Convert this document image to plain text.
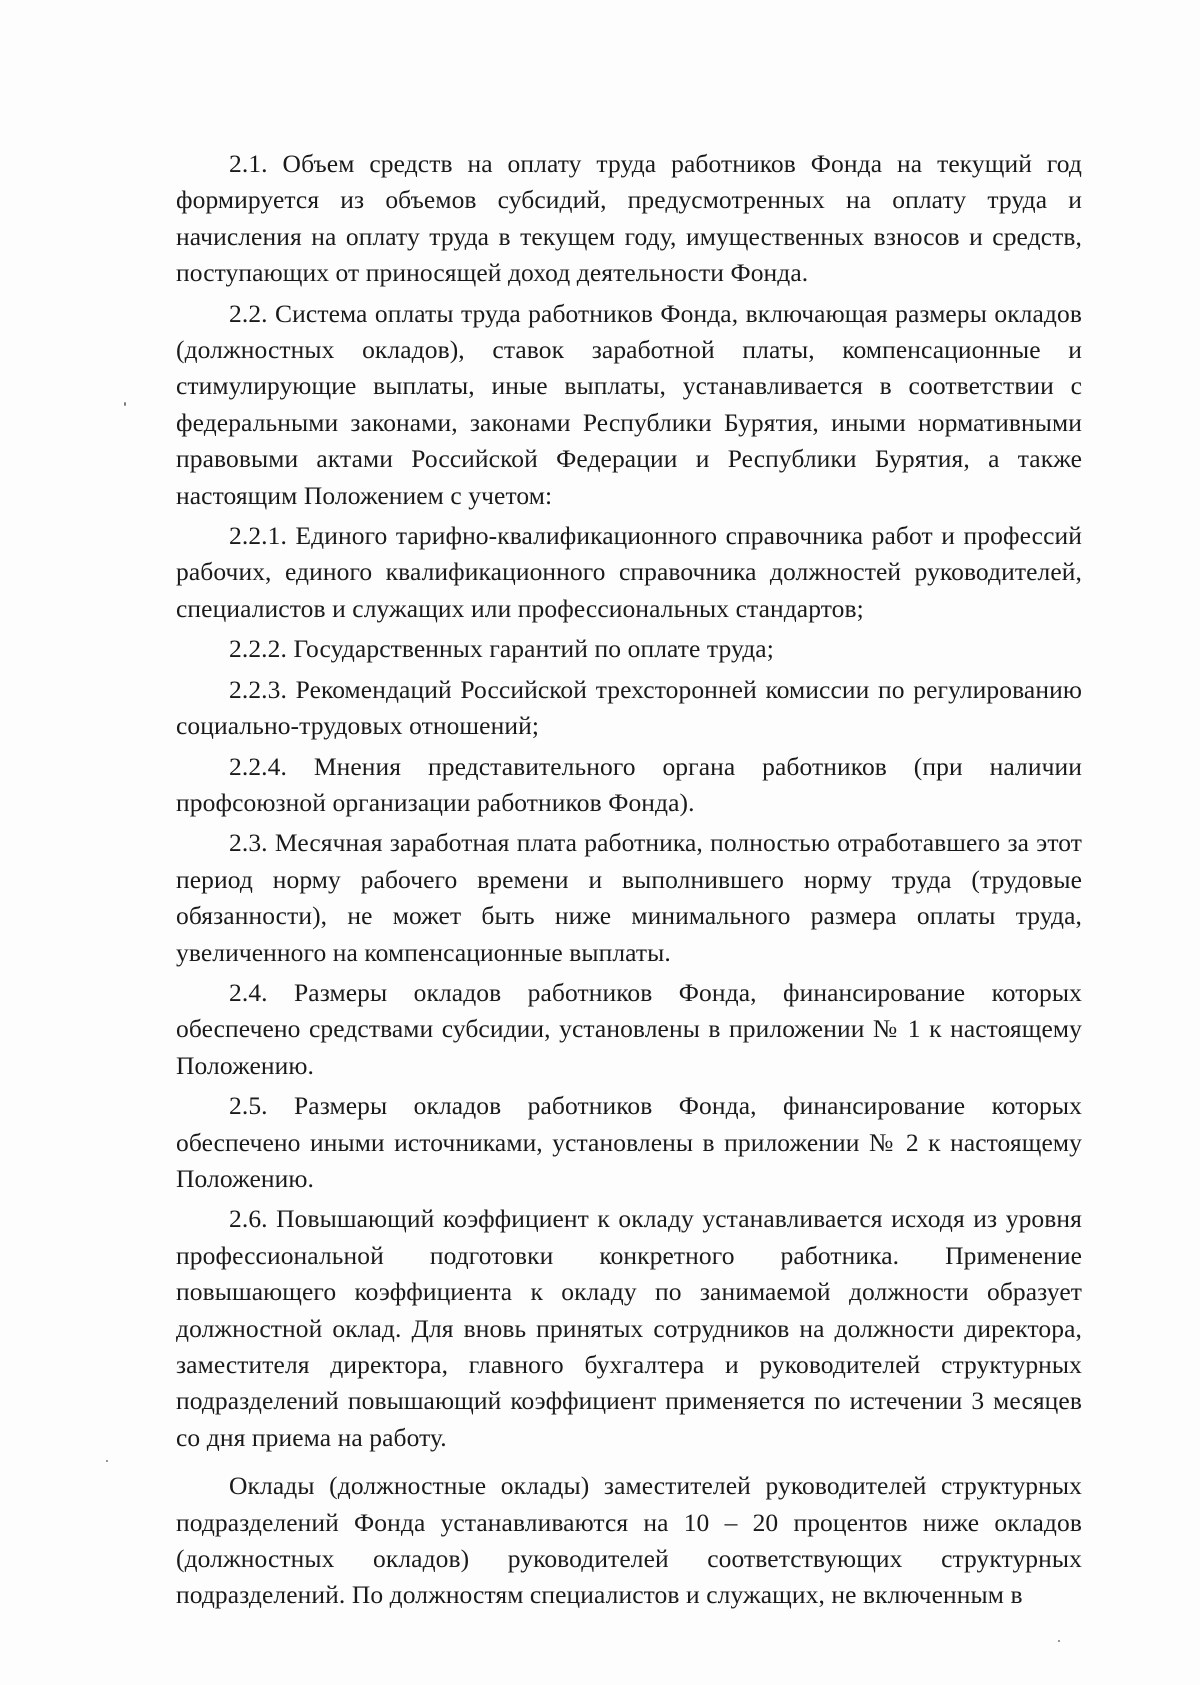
2.1. Объем средств на оплату труда работников Фонда на текущий год формируется из объемов субсидий, предусмотренных на оплату труда и начисления на оплату труда в текущем году, имущественных взносов и средств, поступающих от приносящей доход деятельности Фонда.

2.2. Система оплаты труда работников Фонда, включающая размеры окладов (должностных окладов), ставок заработной платы, компенсационные и стимулирующие выплаты, иные выплаты, устанавливается в соответствии с федеральными законами, законами Республики Бурятия, иными нормативными правовыми актами Российской Федерации и Республики Бурятия, а также настоящим Положением с учетом:

2.2.1. Единого тарифно-квалификационного справочника работ и профессий рабочих, единого квалификационного справочника должностей руководителей, специалистов и служащих или профессиональных стандартов;

2.2.2. Государственных гарантий по оплате труда;

2.2.3. Рекомендаций Российской трехсторонней комиссии по регулированию социально-трудовых отношений;

2.2.4. Мнения представительного органа работников (при наличии профсоюзной организации работников Фонда).

2.3. Месячная заработная плата работника, полностью отработавшего за этот период норму рабочего времени и выполнившего норму труда (трудовые обязанности), не может быть ниже минимального размера оплаты труда, увеличенного на компенсационные выплаты.

2.4. Размеры окладов работников Фонда, финансирование которых обеспечено средствами субсидии, установлены в приложении № 1 к настоящему Положению.

2.5. Размеры окладов работников Фонда, финансирование которых обеспечено иными источниками, установлены в приложении № 2 к настоящему Положению.

2.6. Повышающий коэффициент к окладу устанавливается исходя из уровня профессиональной подготовки конкретного работника. Применение повышающего коэффициента к окладу по занимаемой должности образует должностной оклад. Для вновь принятых сотрудников на должности директора, заместителя директора, главного бухгалтера и руководителей структурных подразделений повышающий коэффициент применяется по истечении 3 месяцев со дня приема на работу.

Оклады (должностные оклады) заместителей руководителей структурных подразделений Фонда устанавливаются на 10 – 20 процентов ниже окладов (должностных окладов) руководителей соответствующих структурных подразделений. По должностям специалистов и служащих, не включенным в
